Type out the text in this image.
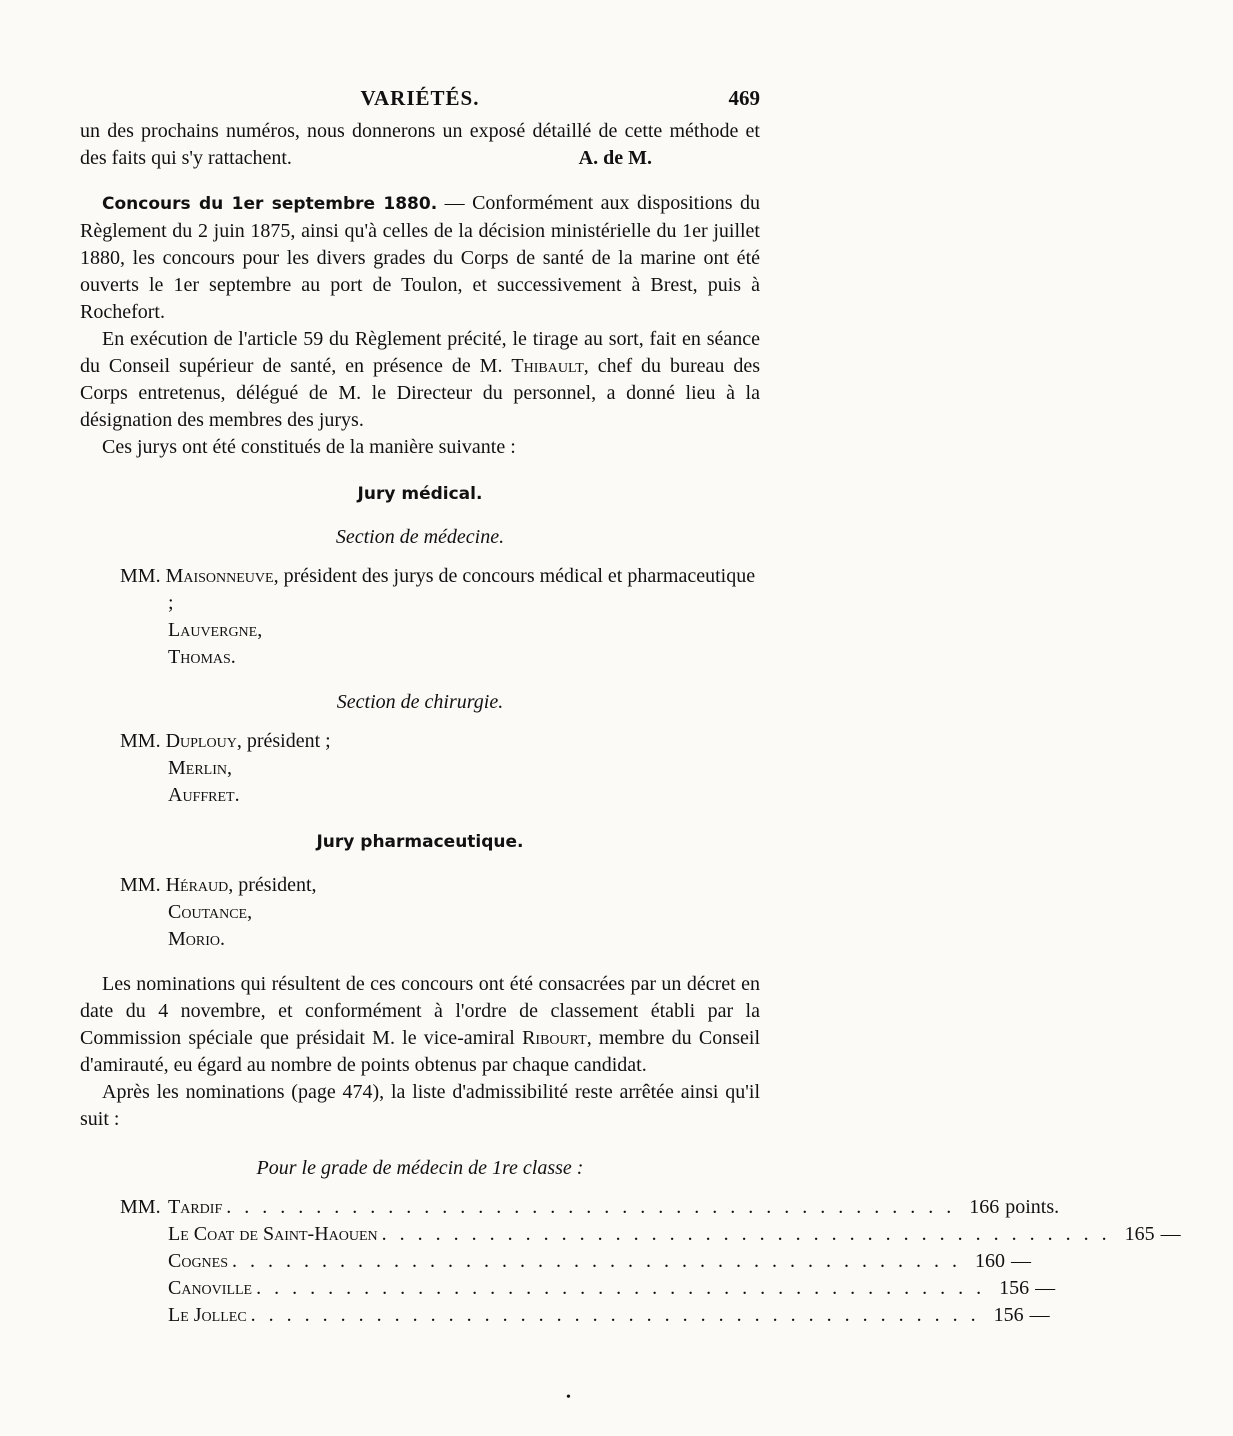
VARIÉTÉS.	469

un des prochains numéros, nous donnerons un exposé détaillé de cette méthode et des faits qui s'y rattachent.	A. de M.

Concours du 1er septembre 1880. — Conformément aux dispositions du Règlement du 2 juin 1875, ainsi qu'à celles de la décision ministérielle du 1er juillet 1880, les concours pour les divers grades du Corps de santé de la marine ont été ouverts le 1er septembre au port de Toulon, et successivement à Brest, puis à Rochefort.

En exécution de l'article 59 du Règlement précité, le tirage au sort, fait en séance du Conseil supérieur de santé, en présence de M. Thibault, chef du bureau des Corps entretenus, délégué de M. le Directeur du personnel, a donné lieu à la désignation des membres des jurys.

Ces jurys ont été constitués de la manière suivante :

Jury médical.
Section de médecine.
MM. Maisonneuve, président des jurys de concours médical et pharmaceutique ;
Lauvergne,
Thomas.
Section de chirurgie.
MM. Duplouy, président ;
Merlin,
Auffret.
Jury pharmaceutique.
MM. Héraud, président,
Coutance,
Morio.

Les nominations qui résultent de ces concours ont été consacrées par un décret en date du 4 novembre, et conformément à l'ordre de classement établi par la Commission spéciale que présidait M. le vice-amiral Ribourt, membre du Conseil d'amirauté, eu égard au nombre de points obtenus par chaque candidat.

Après les nominations (page 474), la liste d'admissibilité reste arrêtée ainsi qu'il suit :

Pour le grade de médecin de 1re classe :
MM. Tardif . . . . . . . . . . . . . . . . . . . . . . . . . . . . . . . . . . . . . . . . . 166 points.
Le Coat de Saint-Haouen . . . . . . . . . . . . . . . . . . . . . . . . . . . . . . . . . . . . . . . . . 165 —
Cognes . . . . . . . . . . . . . . . . . . . . . . . . . . . . . . . . . . . . . . . . . 160 —
Canoville . . . . . . . . . . . . . . . . . . . . . . . . . . . . . . . . . . . . . . . . . 156 —
Le Jollec . . . . . . . . . . . . . . . . . . . . . . . . . . . . . . . . . . . . . . . . . 156 —
•
